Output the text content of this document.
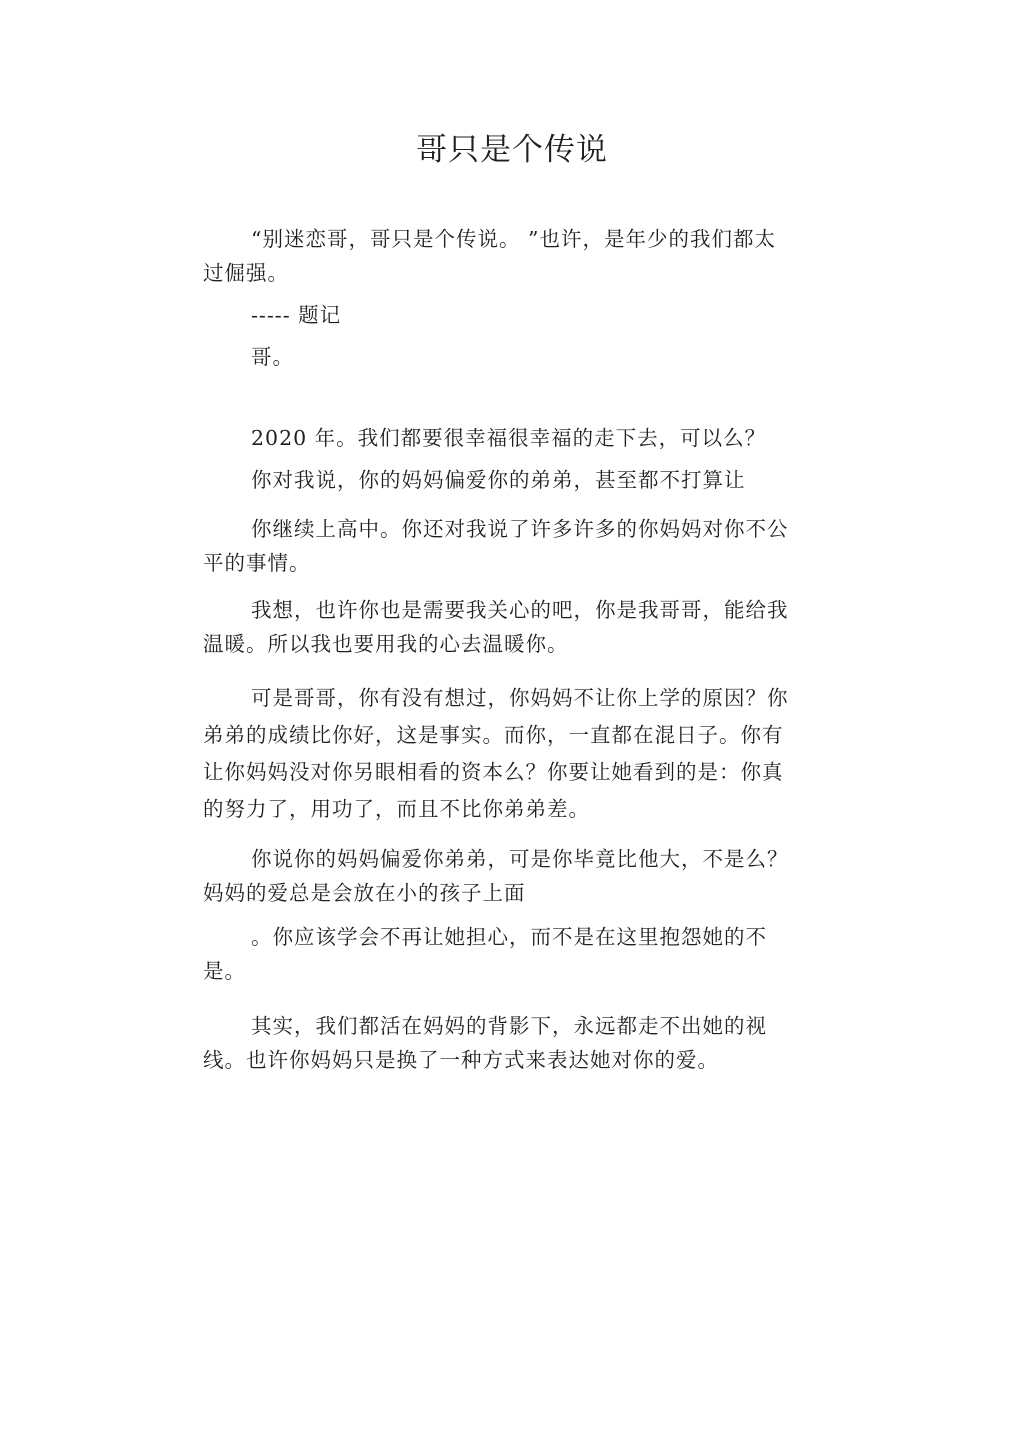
哥只是个传说
“别迷恋哥，哥只是个传说。 ”也许，是年少的我们都太
过倔强。
----- 题记
哥。
2020 年。我们都要很幸福很幸福的走下去，可以么？
你对我说，你的妈妈偏爱你的弟弟，甚至都不打算让
你继续上高中。你还对我说了许多许多的你妈妈对你不公
平的事情。
我想，也许你也是需要我关心的吧，你是我哥哥，能给我
温暖。所以我也要用我的心去温暖你。
可是哥哥，你有没有想过，你妈妈不让你上学的原因？你
弟弟的成绩比你好，这是事实。而你，一直都在混日子。你有
让你妈妈没对你另眼相看的资本么？你要让她看到的是：你真
的努力了，用功了，而且不比你弟弟差。
你说你的妈妈偏爱你弟弟，可是你毕竟比他大，不是么？
妈妈的爱总是会放在小的孩子上面
。你应该学会不再让她担心，而不是在这里抱怨她的不
是。
其实，我们都活在妈妈的背影下，永远都走不出她的视
线。也许你妈妈只是换了一种方式来表达她对你的爱。
